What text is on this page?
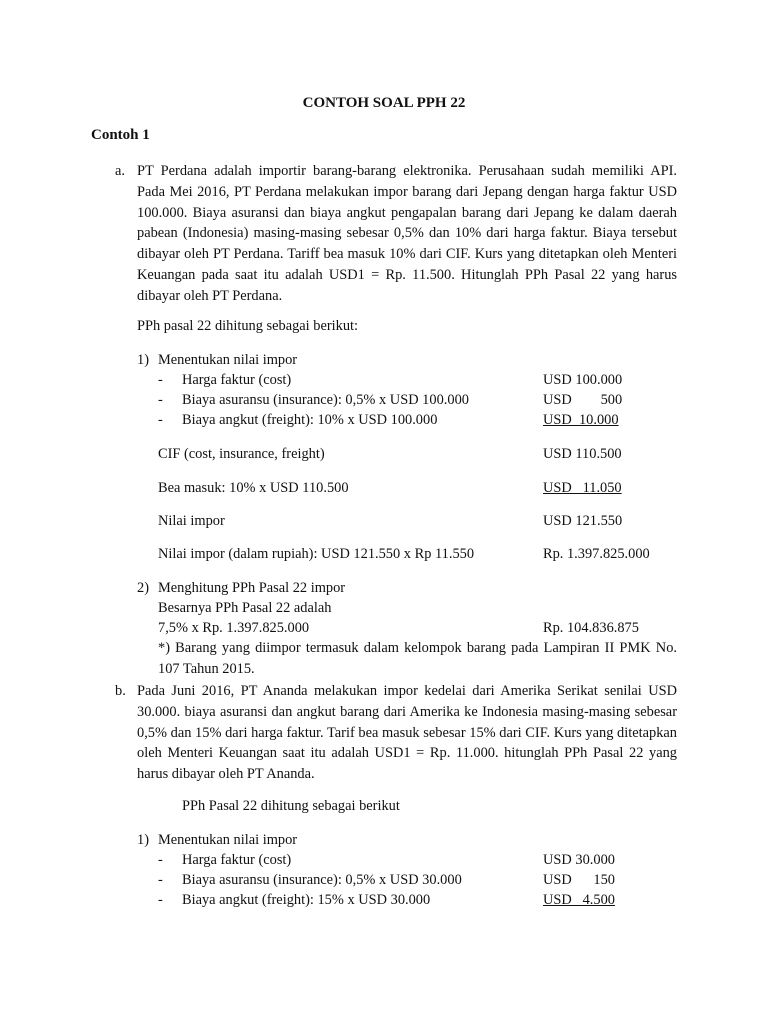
CONTOH SOAL PPH 22
Contoh 1
a. PT Perdana adalah importir barang-barang elektronika. Perusahaan sudah memiliki API. Pada Mei 2016, PT Perdana melakukan impor barang dari Jepang dengan harga faktur USD 100.000. Biaya asuransi dan biaya angkut pengapalan barang dari Jepang ke dalam daerah pabean (Indonesia) masing-masing sebesar 0,5% dan 10% dari harga faktur. Biaya tersebut dibayar oleh PT Perdana. Tariff bea masuk 10% dari CIF. Kurs yang ditetapkan oleh Menteri Keuangan pada saat itu adalah USD1 = Rp. 11.500. Hitunglah PPh Pasal 22 yang harus dibayar oleh PT Perdana.
PPh pasal 22 dihitung sebagai berikut:
1) Menentukan nilai impor
- Harga faktur (cost)	USD 100.000
- Biaya asuransu (insurance): 0,5% x USD 100.000	USD        500
- Biaya angkut (freight): 10% x USD 100.000	USD  10.000
CIF (cost, insurance, freight)	USD 110.500
Bea masuk: 10% x USD 110.500	USD   11.050
Nilai impor	USD 121.550
Nilai impor (dalam rupiah): USD 121.550 x Rp 11.550	Rp. 1.397.825.000
2) Menghitung PPh Pasal 22 impor
Besarnya PPh Pasal 22 adalah
7,5% x Rp. 1.397.825.000	Rp. 104.836.875
*) Barang yang diimpor termasuk dalam kelompok barang pada Lampiran II PMK No. 107 Tahun 2015.
b. Pada Juni 2016, PT Ananda melakukan impor kedelai dari Amerika Serikat senilai USD 30.000. biaya asuransi dan angkut barang dari Amerika ke Indonesia masing-masing sebesar 0,5% dan 15% dari harga faktur. Tarif bea masuk sebesar 15% dari CIF. Kurs yang ditetapkan oleh Menteri Keuangan saat itu adalah USD1 = Rp. 11.000. hitunglah PPh Pasal 22 yang harus dibayar oleh PT Ananda.
PPh Pasal 22 dihitung sebagai berikut
1) Menentukan nilai impor
- Harga faktur (cost)	USD 30.000
- Biaya asuransu (insurance): 0,5% x USD 30.000	USD      150
- Biaya angkut (freight): 15% x USD 30.000	USD   4.500
